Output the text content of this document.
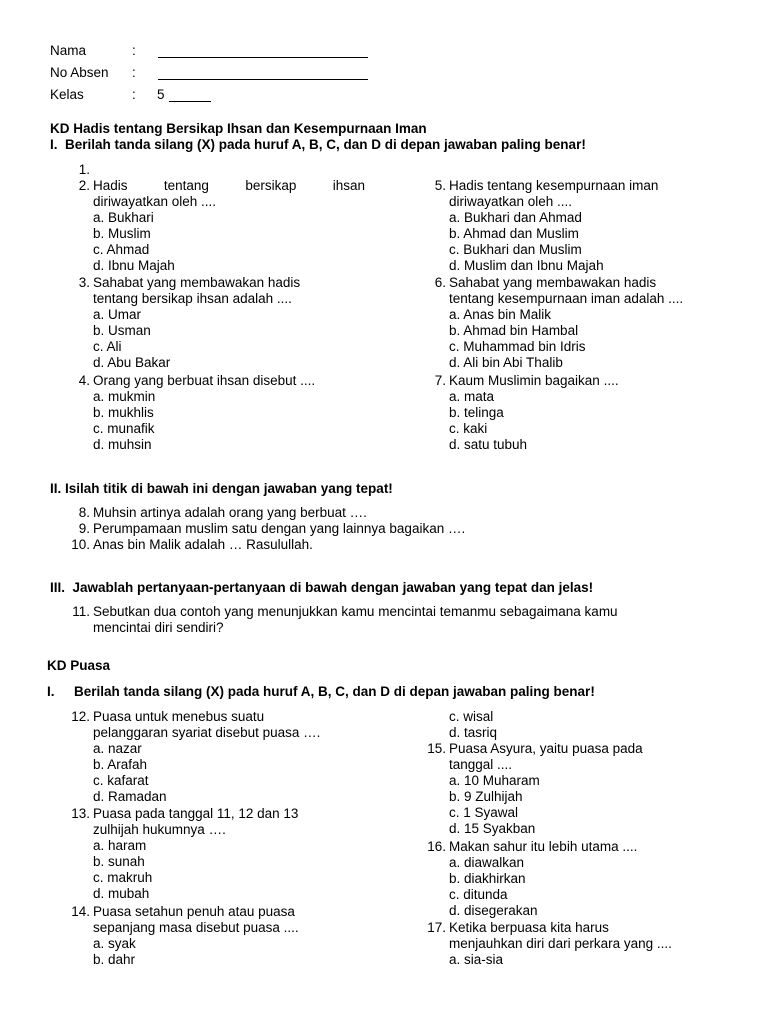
Nama	:
No Absen :
Kelas	: 5
KD Hadis tentang Bersikap Ihsan dan Kesempurnaan Iman
I.  Berilah tanda silang (X) pada huruf A, B, C, dan D di depan jawaban paling benar!
1.
2. Hadis tentang bersikap ihsan
diriwayatkan oleh ....
a. Bukhari
b. Muslim
c. Ahmad
d. Ibnu Majah
3. Sahabat yang membawakan hadis
tentang bersikap ihsan adalah ....
a. Umar
b. Usman
c. Ali
d. Abu Bakar
4. Orang yang berbuat ihsan disebut ....
a. mukmin
b. mukhlis
c. munafik
d. muhsin
5. Hadis tentang kesempurnaan iman
diriwayatkan oleh ....
a. Bukhari dan Ahmad
b. Ahmad dan Muslim
c. Bukhari dan Muslim
d. Muslim dan Ibnu Majah
6. Sahabat yang membawakan hadis
tentang kesempurnaan iman adalah ....
a. Anas bin Malik
b. Ahmad bin Hambal
c. Muhammad bin Idris
d. Ali bin Abi Thalib
7. Kaum Muslimin bagaikan ....
a. mata
b. telinga
c. kaki
d. satu tubuh
II. Isilah titik di bawah ini dengan jawaban yang tepat!
8. Muhsin artinya adalah orang yang berbuat ….
9. Perumpamaan muslim satu dengan yang lainnya bagaikan ….
10. Anas bin Malik adalah … Rasulullah.
III.  Jawablah pertanyaan-pertanyaan di bawah dengan jawaban yang tepat dan jelas!
11. Sebutkan dua contoh yang menunjukkan kamu mencintai temanmu sebagaimana kamu
mencintai diri sendiri?
KD Puasa
I. Berilah tanda silang (X) pada huruf A, B, C, dan D di depan jawaban paling benar!
12. Puasa untuk menebus suatu
pelanggaran syariat disebut puasa ….
a. nazar
b. Arafah
c. kafarat
d. Ramadan
13. Puasa pada tanggal 11, 12 dan 13
zulhijah hukumnya ….
a. haram
b. sunah
c. makruh
d. mubah
14. Puasa setahun penuh atau puasa
sepanjang masa disebut puasa ....
a. syak
b. dahr
c. wisal
d. tasriq
15. Puasa Asyura, yaitu puasa pada
tanggal ....
a. 10 Muharam
b. 9 Zulhijah
c. 1 Syawal
d. 15 Syakban
16. Makan sahur itu lebih utama ....
a. diawalkan
b. diakhirkan
c. ditunda
d. disegerakan
17. Ketika berpuasa kita harus
menjauhkan diri dari perkara yang ....
a. sia-sia
